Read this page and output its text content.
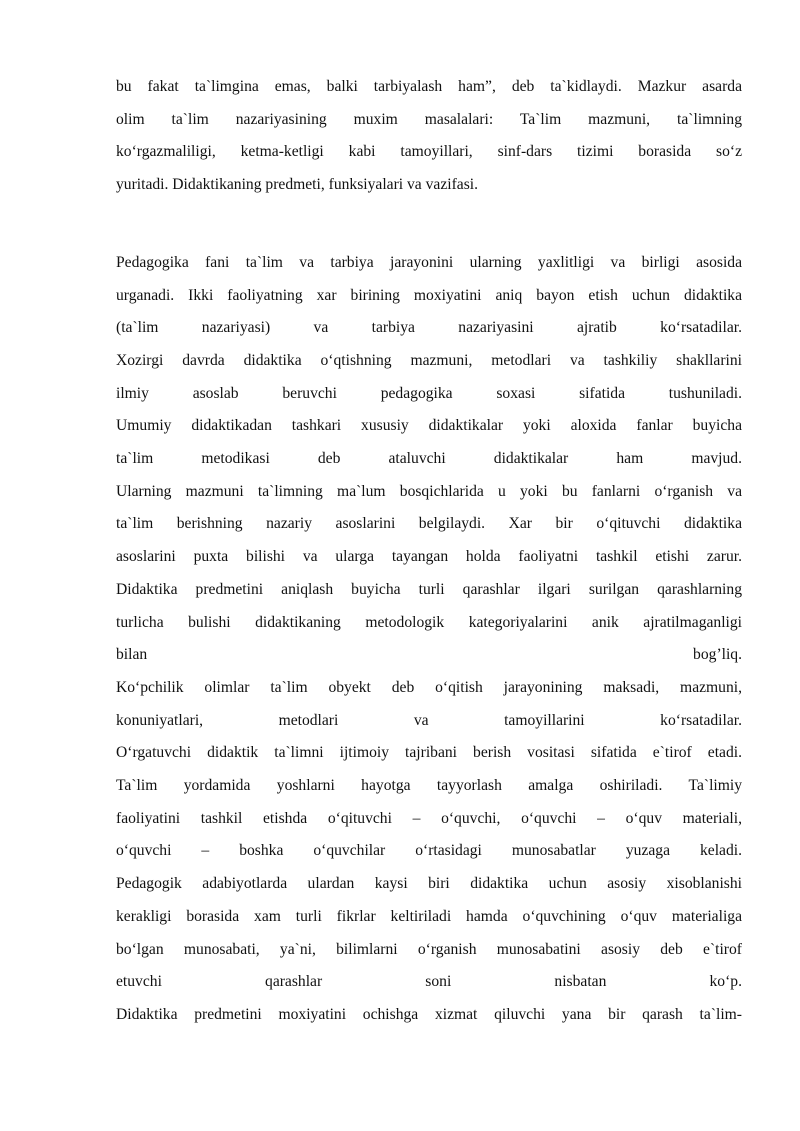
bu fakat ta`limgina emas, balki tarbiyalash ham”, deb ta`kidlaydi. Mazkur asarda
olim ta`lim nazariyasining muxim masalalari: Ta`lim mazmuni, ta`limning
ko‘rgazmaliligi, ketma-ketligi kabi tamoyillari, sinf-dars tizimi borasida so‘z
yuritadi. Didaktikaning predmeti, funksiyalari va vazifasi.

Pedagogika fani ta`lim va tarbiya jarayonini ularning yaxlitligi va birligi asosida
urganadi. Ikki faoliyatning xar birining moxiyatini aniq bayon etish uchun didaktika
(ta`lim nazariyasi) va tarbiya nazariyasini ajratib ko‘rsatadilar.
Xozirgi davrda didaktika o‘qtishning mazmuni, metodlari va tashkiliy shakllarini
ilmiy asoslab beruvchi pedagogika soxasi sifatida tushuniladi.
Umumiy didaktikadan tashkari xususiy didaktikalar yoki aloxida fanlar buyicha
ta`lim metodikasi deb ataluvchi didaktikalar ham mavjud.
Ularning mazmuni ta`limning ma`lum bosqichlarida u yoki bu fanlarni o‘rganish va
ta`lim berishning nazariy asoslarini belgilaydi. Xar bir o‘qituvchi didaktika
asoslarini puxta bilishi va ularga tayangan holda faoliyatni tashkil etishi zarur.
Didaktika predmetini aniqlash buyicha turli qarashlar ilgari surilgan qarashlarning
turlicha bulishi didaktikaning metodologik kategoriyalarini anik ajratilmaganligi
bilan bog’liq.
Ko‘pchilik olimlar ta`lim obyekt deb o‘qitish jarayonining maksadi, mazmuni,
konuniyatlari, metodlari va tamoyillarini ko‘rsatadilar.
O‘rgatuvchi didaktik ta`limni ijtimoiy tajribani berish vositasi sifatida e`tirof etadi.
Ta`lim yordamida yoshlarni hayotga tayyorlash amalga oshiriladi. Ta`limiy
faoliyatini tashkil etishda o‘qituvchi – o‘quvchi, o‘quvchi – o‘quv materiali,
o‘quvchi – boshka o‘quvchilar o‘rtasidagi munosabatlar yuzaga keladi.
Pedagogik adabiyotlarda ulardan kaysi biri didaktika uchun asosiy xisoblanishi
kerakligi borasida xam turli fikrlar keltiriladi hamda o‘quvchining o‘quv materialiga
bo‘lgan munosabati, ya`ni, bilimlarni o‘rganish munosabatini asosiy deb e`tirof
etuvchi qarashlar soni nisbatan ko‘p.
Didaktika predmetini moxiyatini ochishga xizmat qiluvchi yana bir qarash ta`lim-
